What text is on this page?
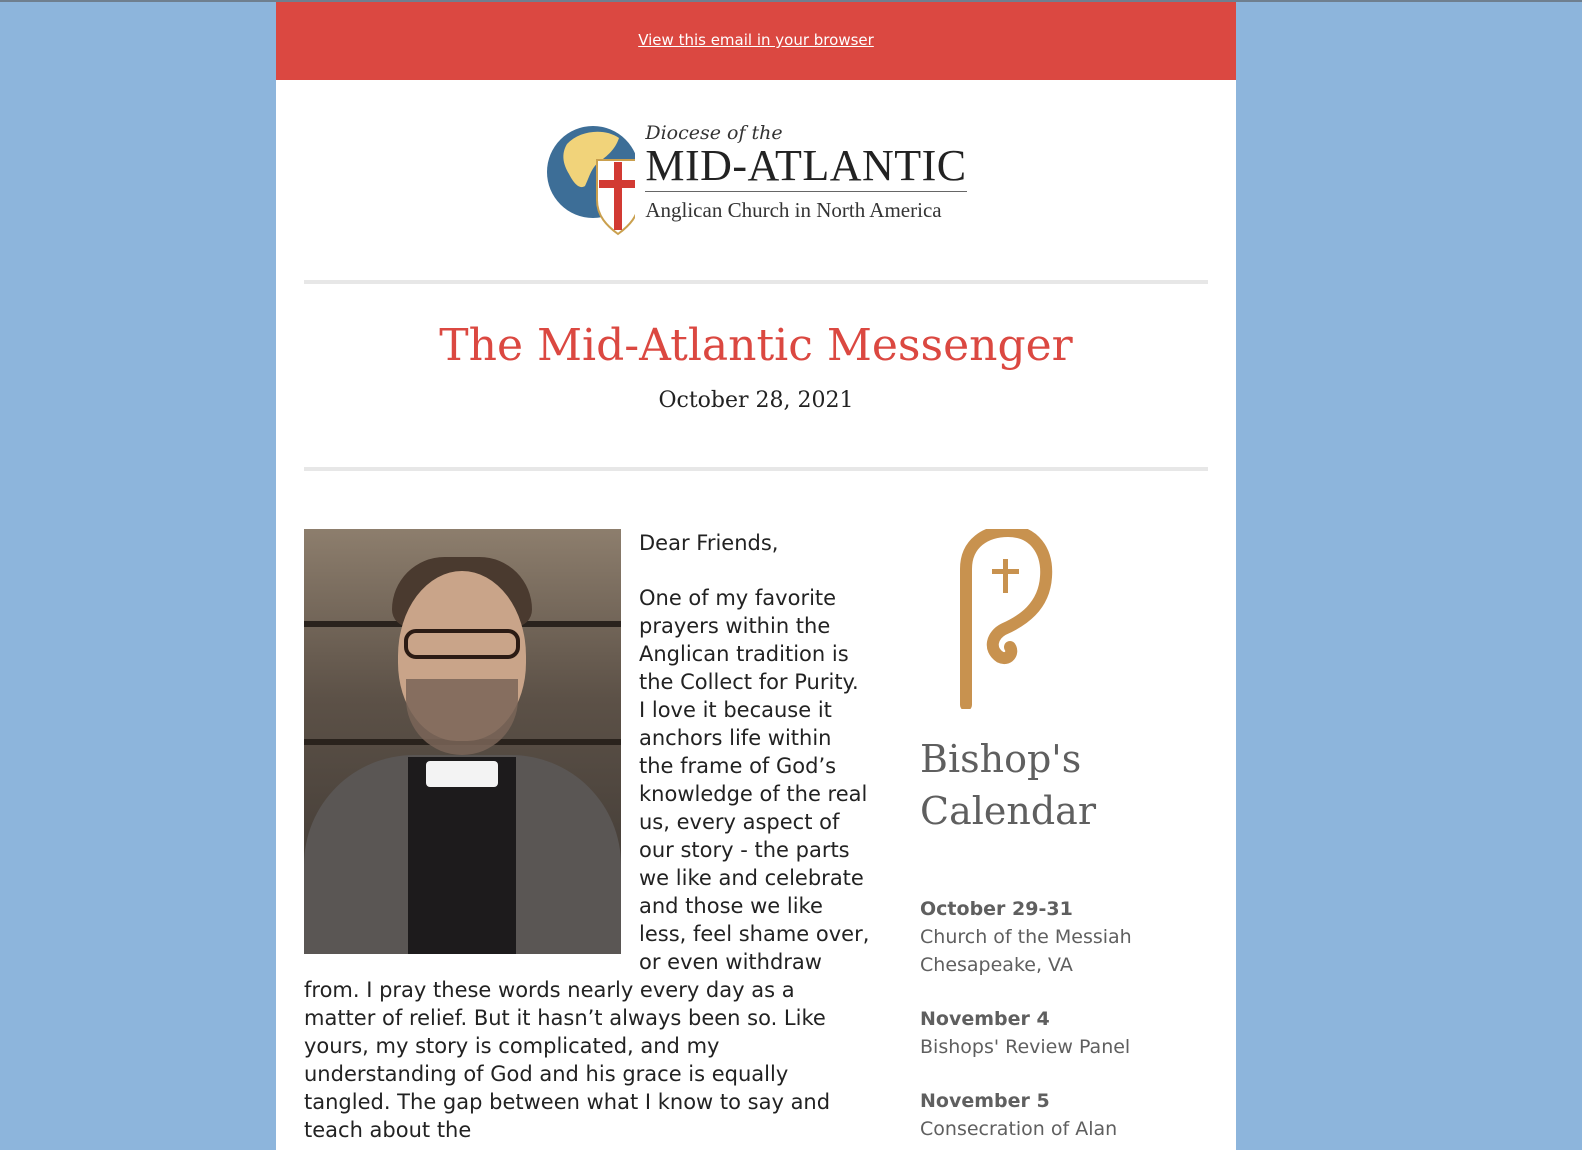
View this email in your browser
Diocese of the
MID-ATLANTIC
Anglican Church in North America
The Mid-Atlantic Messenger
October 28, 2021

Dear Friends,

One of my favorite prayers within the Anglican tradition is the Collect for Purity. I love it because it anchors life within the frame of God’s knowledge of the real us, every aspect of our story - the parts we like and celebrate and those we like less, feel shame over, or even withdraw from. I pray these words nearly every day as a matter of relief. But it hasn’t always been so. Like yours, my story is complicated, and my understanding of God and his grace is equally tangled. The gap between what I know to say and teach about the

Bishop's
Calendar
October 29-31
Church of the Messiah
Chesapeake, VA
November 4
Bishops' Review Panel
November 5
Consecration of Alan
